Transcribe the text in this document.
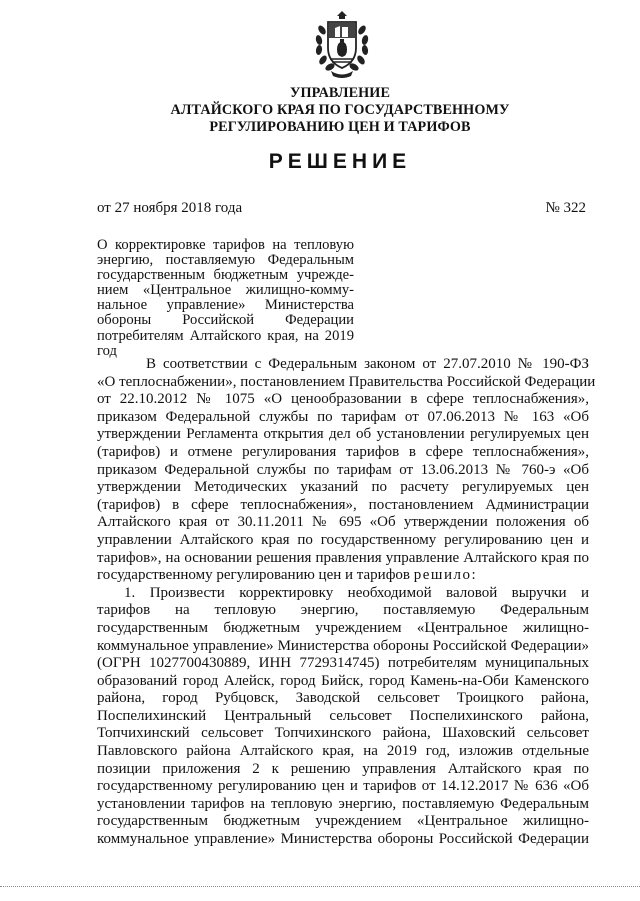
УПРАВЛЕНИЕ
АЛТАЙСКОГО КРАЯ ПО ГОСУДАРСТВЕННОМУ
РЕГУЛИРОВАНИЮ ЦЕН И ТАРИФОВ
РЕШЕНИЕ
от 27 ноября 2018 года	№ 322
О корректировке тарифов на тепловую
энергию, поставляемую Федеральным
государственным бюджетным учрежде-
нием «Центральное жилищно-комму-
нальное управление» Министерства
обороны Российской Федерации
потребителям Алтайского края, на 2019
год
В соответствии с Федеральным законом от 27.07.2010 № 190-ФЗ
«О теплоснабжении», постановлением Правительства Российской Федерации
от 22.10.2012 № 1075 «О ценообразовании в сфере теплоснабжения»,
приказом Федеральной службы по тарифам от 07.06.2013 № 163 «Об
утверждении Регламента открытия дел об установлении регулируемых цен
(тарифов) и отмене регулирования тарифов в сфере теплоснабжения»,
приказом Федеральной службы по тарифам от 13.06.2013 № 760-э «Об
утверждении Методических указаний по расчету регулируемых цен
(тарифов) в сфере теплоснабжения», постановлением Администрации
Алтайского края от 30.11.2011 № 695 «Об утверждении положения об
управлении Алтайского края по государственному регулированию цен и
тарифов», на основании решения правления управление Алтайского края по
государственному регулированию цен и тарифов решило:
1. Произвести корректировку необходимой валовой выручки и
тарифов на тепловую энергию, поставляемую Федеральным
государственным бюджетным учреждением «Центральное жилищно-
коммунальное управление» Министерства обороны Российской Федерации»
(ОГРН 1027700430889, ИНН 7729314745) потребителям муниципальных
образований город Алейск, город Бийск, город Камень-на-Оби Каменского
района, город Рубцовск, Заводской сельсовет Троицкого района,
Поспелихинский Центральный сельсовет Поспелихинского района,
Топчихинский сельсовет Топчихинского района, Шаховский сельсовет
Павловского района Алтайского края, на 2019 год, изложив отдельные
позиции приложения 2 к решению управления Алтайского края по
государственному регулированию цен и тарифов от 14.12.2017 № 636 «Об
установлении тарифов на тепловую энергию, поставляемую Федеральным
государственным бюджетным учреждением «Центральное жилищно-
коммунальное управление» Министерства обороны Российской Федерации
